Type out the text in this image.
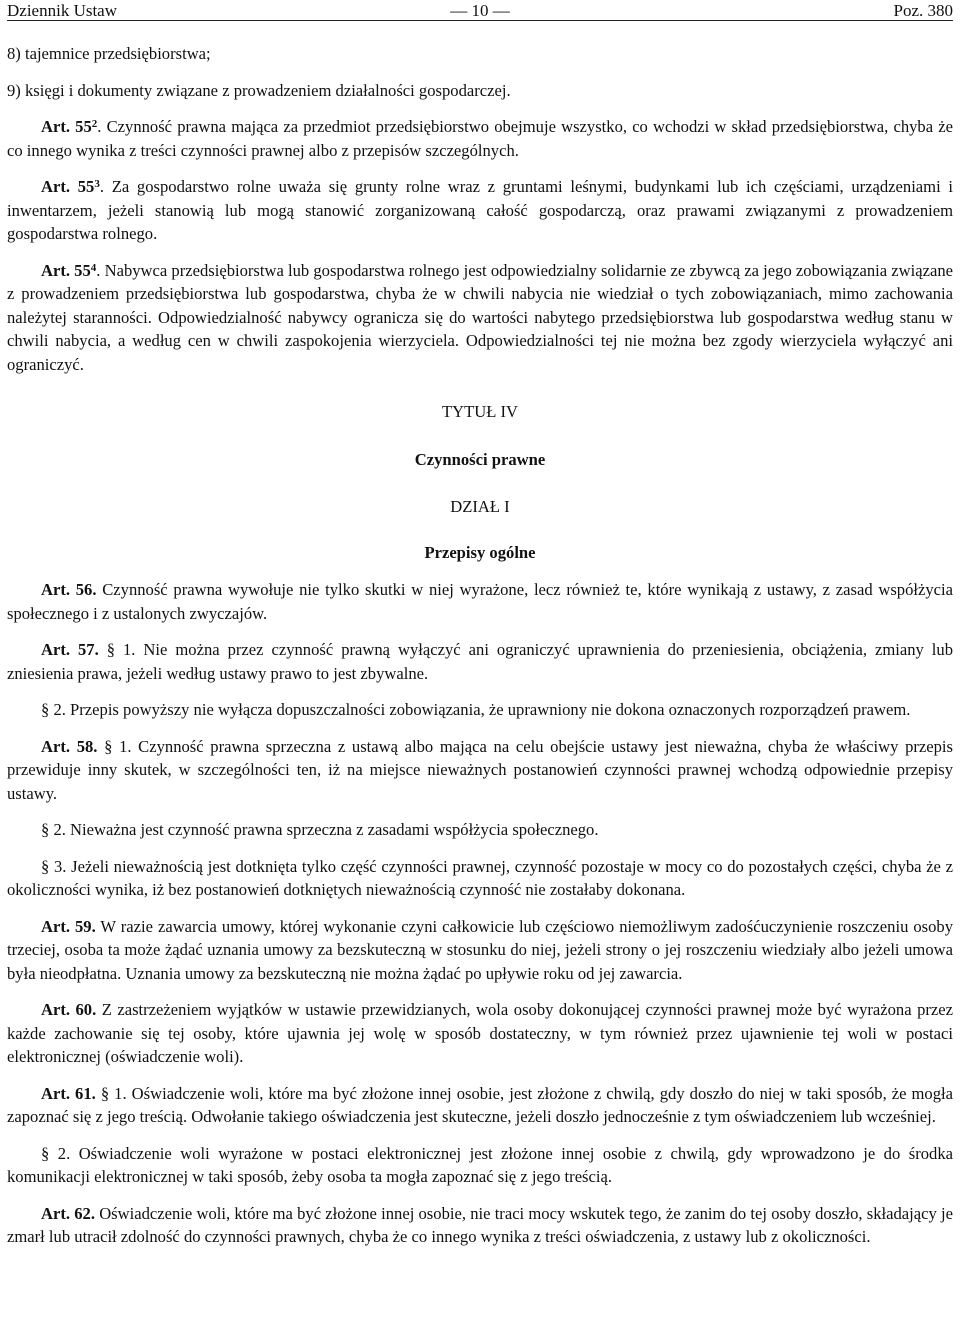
Dziennik Ustaw	— 10 —	Poz. 380

8) tajemnice przedsiębiorstwa;

9) księgi i dokumenty związane z prowadzeniem działalności gospodarczej.

Art. $55^2$. Czynność prawna mająca za przedmiot przedsiębiorstwo obejmuje wszystko, co wchodzi w skład przedsiębiorstwa, chyba że co innego wynika z treści czynności prawnej albo z przepisów szczególnych.

Art. $55^3$. Za gospodarstwo rolne uważa się grunty rolne wraz z gruntami leśnymi, budynkami lub ich częściami, urządzeniami i inwentarzem, jeżeli stanowią lub mogą stanowić zorganizowaną całość gospodarczą, oraz prawami związanymi z prowadzeniem gospodarstwa rolnego.

Art. $55^4$. Nabywca przedsiębiorstwa lub gospodarstwa rolnego jest odpowiedzialny solidarnie ze zbywcą za jego zobowiązania związane z prowadzeniem przedsiębiorstwa lub gospodarstwa, chyba że w chwili nabycia nie wiedział o tych zobowiązaniach, mimo zachowania należytej staranności. Odpowiedzialność nabywcy ogranicza się do wartości nabytego przedsiębiorstwa lub gospodarstwa według stanu w chwili nabycia, a według cen w chwili zaspokojenia wierzyciela. Odpowiedzialności tej nie można bez zgody wierzyciela wyłączyć ani ograniczyć.

TYTUŁ IV

Czynności prawne

DZIAŁ I

Przepisy ogólne

Art. 56. Czynność prawna wywołuje nie tylko skutki w niej wyrażone, lecz również te, które wynikają z ustawy, z zasad współżycia społecznego i z ustalonych zwyczajów.

Art. 57. § 1. Nie można przez czynność prawną wyłączyć ani ograniczyć uprawnienia do przeniesienia, obciążenia, zmiany lub zniesienia prawa, jeżeli według ustawy prawo to jest zbywalne.

§ 2. Przepis powyższy nie wyłącza dopuszczalności zobowiązania, że uprawniony nie dokona oznaczonych rozporządzeń prawem.

Art. 58. § 1. Czynność prawna sprzeczna z ustawą albo mająca na celu obejście ustawy jest nieważna, chyba że właściwy przepis przewiduje inny skutek, w szczególności ten, iż na miejsce nieważnych postanowień czynności prawnej wchodzą odpowiednie przepisy ustawy.

§ 2. Nieważna jest czynność prawna sprzeczna z zasadami współżycia społecznego.

§ 3. Jeżeli nieważnością jest dotknięta tylko część czynności prawnej, czynność pozostaje w mocy co do pozostałych części, chyba że z okoliczności wynika, iż bez postanowień dotkniętych nieważnością czynność nie zostałaby dokonana.

Art. 59. W razie zawarcia umowy, której wykonanie czyni całkowicie lub częściowo niemożliwym zadośćuczynienie roszczeniu osoby trzeciej, osoba ta może żądać uznania umowy za bezskuteczną w stosunku do niej, jeżeli strony o jej roszczeniu wiedziały albo jeżeli umowa była nieodpłatna. Uznania umowy za bezskuteczną nie można żądać po upływie roku od jej zawarcia.

Art. 60. Z zastrzeżeniem wyjątków w ustawie przewidzianych, wola osoby dokonującej czynności prawnej może być wyrażona przez każde zachowanie się tej osoby, które ujawnia jej wolę w sposób dostateczny, w tym również przez ujawnienie tej woli w postaci elektronicznej (oświadczenie woli).

Art. 61. § 1. Oświadczenie woli, które ma być złożone innej osobie, jest złożone z chwilą, gdy doszło do niej w taki sposób, że mogła zapoznać się z jego treścią. Odwołanie takiego oświadczenia jest skuteczne, jeżeli doszło jednocześnie z tym oświadczeniem lub wcześniej.

§ 2. Oświadczenie woli wyrażone w postaci elektronicznej jest złożone innej osobie z chwilą, gdy wprowadzono je do środka komunikacji elektronicznej w taki sposób, żeby osoba ta mogła zapoznać się z jego treścią.

Art. 62. Oświadczenie woli, które ma być złożone innej osobie, nie traci mocy wskutek tego, że zanim do tej osoby doszło, składający je zmarł lub utracił zdolność do czynności prawnych, chyba że co innego wynika z treści oświadczenia, z ustawy lub z okoliczności.
